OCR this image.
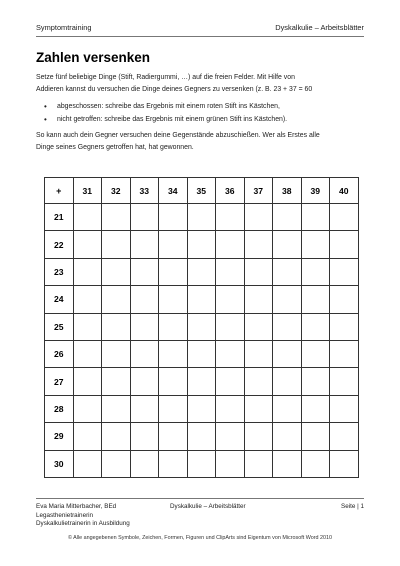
Symptomtraining	Dyskalkulie – Arbeitsblätter
Zahlen versenken
Setze fünf beliebige Dinge (Stift, Radiergummi, …) auf die freien Felder. Mit Hilfe von
Addieren kannst du versuchen die Dinge deines Gegners zu versenken (z. B. 23 + 37 = 60
• abgeschossen: schreibe das Ergebnis mit einem roten Stift ins Kästchen,
• nicht getroffen: schreibe das Ergebnis mit einem grünen Stift ins Kästchen).
So kann auch dein Gegner versuchen deine Gegenstände abzuschießen. Wer als Erstes alle
Dinge seines Gegners getroffen hat, hat gewonnen.
+	31	32	33	34	35	36	37	38	39	40
21										
22										
23										
24										
25										
26										
27										
28										
29										
30										
Eva Maria Mitterbacher, BEd
Legasthenietrainerin
Dyskalkulietrainerin in Ausbildung
Dyskalkulie – Arbeitsblätter	Seite | 1
© Alle angegebenen Symbole, Zeichen, Formen, Figuren und ClipArts sind Eigentum von Microsoft Word 2010
